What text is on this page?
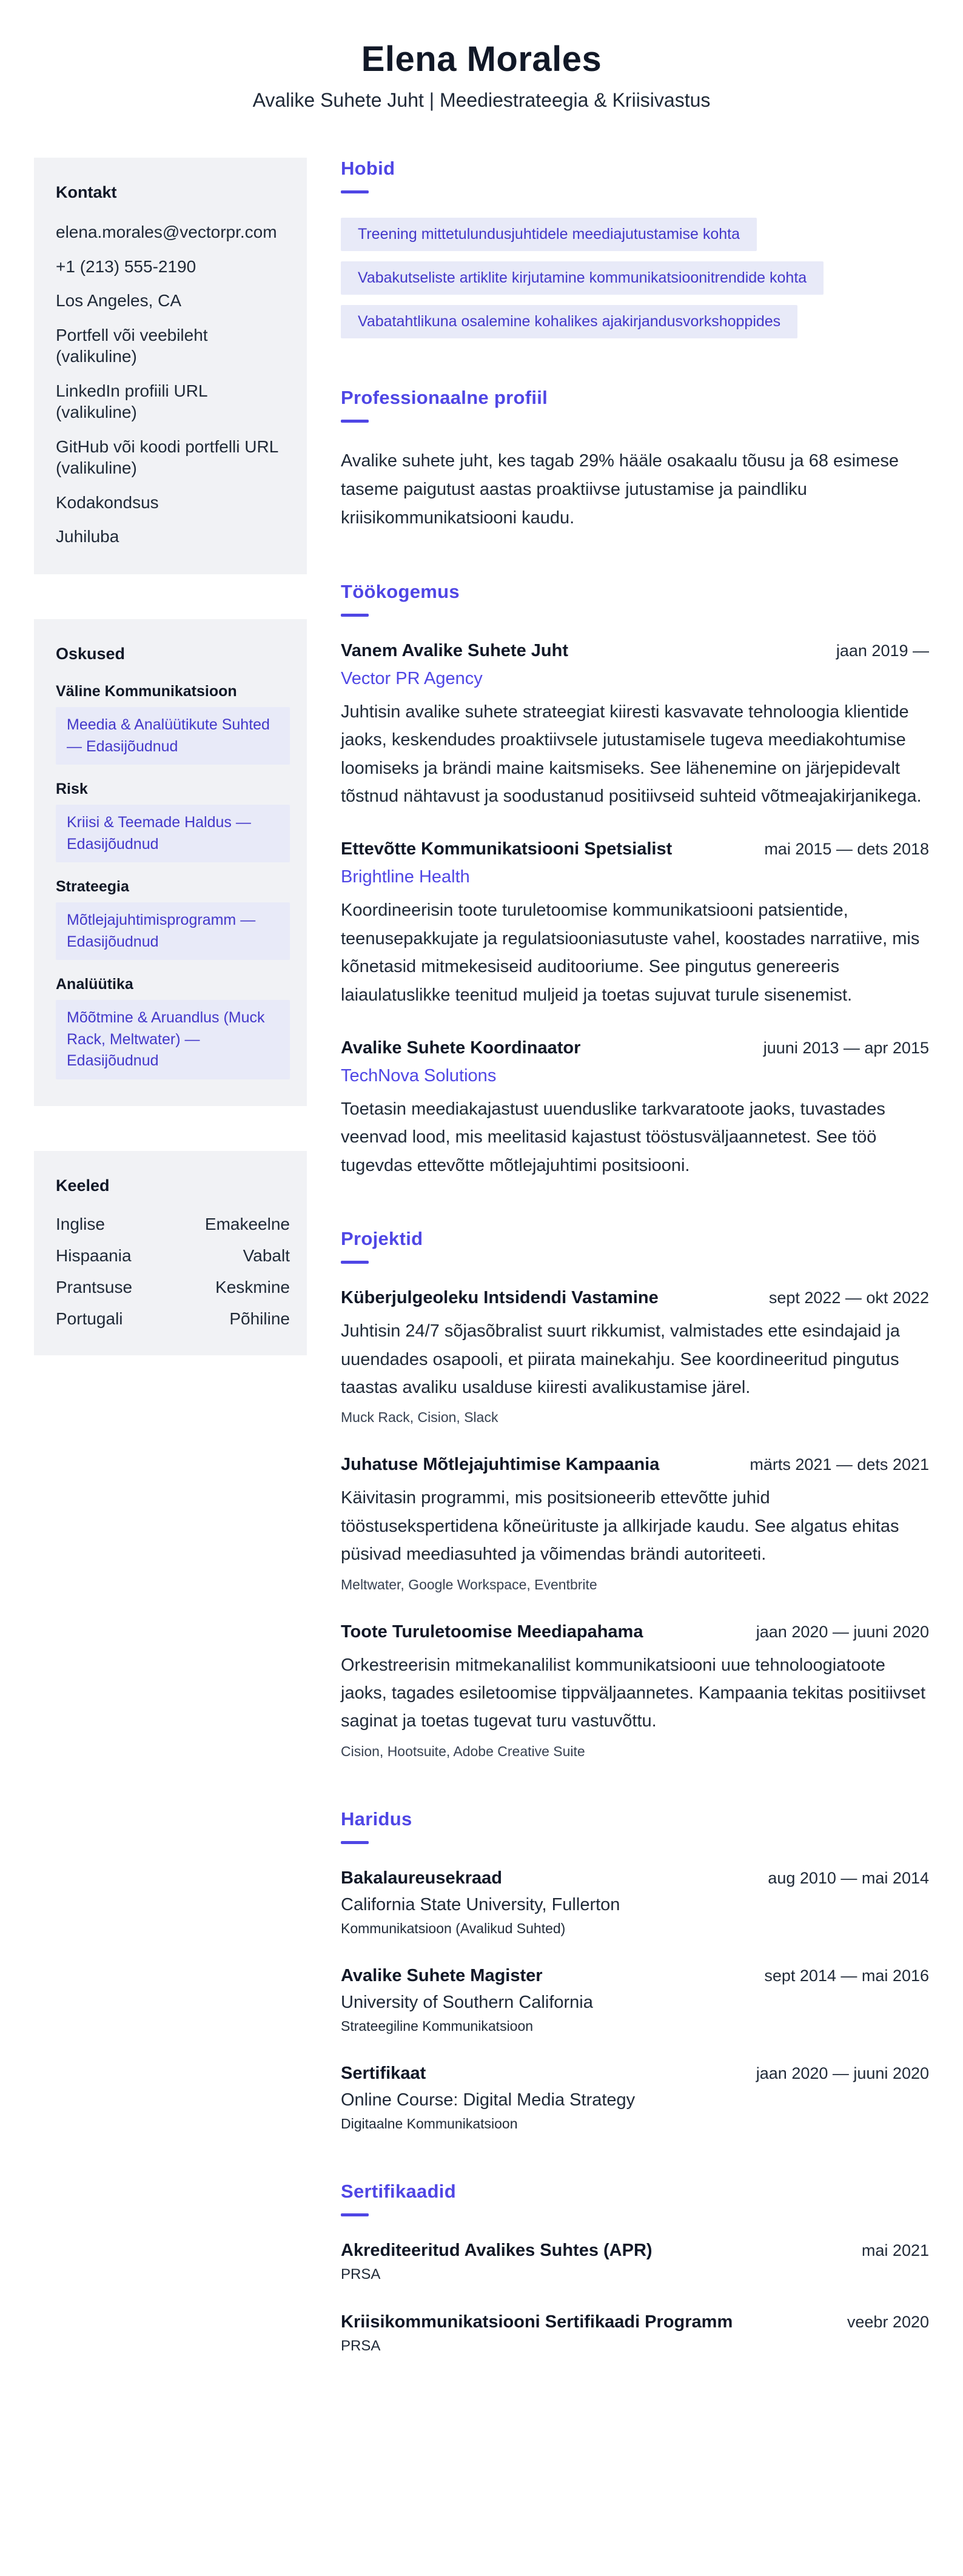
Elena Morales
Avalike Suhete Juht | Meediestrateegia & Kriisivastus
Kontakt
elena.morales@vectorpr.com
+1 (213) 555-2190
Los Angeles, CA
Portfell või veebileht (valikuline)
LinkedIn profiili URL (valikuline)
GitHub või koodi portfelli URL (valikuline)
Kodakondsus
Juhiluba
Oskused
Väline Kommunikatsioon
Meedia & Analüütikute Suhted — Edasijõudnud
Risk
Kriisi & Teemade Haldus — Edasijõudnud
Strateegia
Mõtlejajuhtimisprogramm — Edasijõudnud
Analüütika
Mõõtmine & Aruandlus (Muck Rack, Meltwater) — Edasijõudnud
Keeled
Inglise	Emakeelne
Hispaania	Vabalt
Prantsuse	Keskmine
Portugali	Põhiline
Hobid
Treening mittetulundusjuhtidele meediajutustamise kohta
Vabakutseliste artiklite kirjutamine kommunikatsioonitrendide kohta
Vabatahtlikuna osalemine kohalikes ajakirjandusvorkshoppides
Professionaalne profiil
Avalike suhete juht, kes tagab 29% hääle osakaalu tõusu ja 68 esimese taseme paigutust aastas proaktiivse jutustamise ja paindliku kriisikommunikatsiooni kaudu.
Töökogemus
Vanem Avalike Suhete Juht	jaan 2019 —
Vector PR Agency
Juhtisin avalike suhete strateegiat kiiresti kasvavate tehnoloogia klientide jaoks, keskendudes proaktiivsele jutustamisele tugeva meediakohtumise loomiseks ja brändi maine kaitsmiseks. See lähenemine on järjepidevalt tõstnud nähtavust ja soodustanud positiivseid suhteid võtmeajakirjanikega.
Ettevõtte Kommunikatsiooni Spetsialist	mai 2015 — dets 2018
Brightline Health
Koordineerisin toote turuletoomise kommunikatsiooni patsientide, teenusepakkujate ja regulatsiooniasutuste vahel, koostades narratiive, mis kõnetasid mitmekesiseid auditooriume. See pingutus genereeris laiaulatuslikke teenitud muljeid ja toetas sujuvat turule sisenemist.
Avalike Suhete Koordinaator	juuni 2013 — apr 2015
TechNova Solutions
Toetasin meediakajastust uuenduslike tarkvaratoote jaoks, tuvastades veenvad lood, mis meelitasid kajastust tööstusväljaannetest. See töö tugevdas ettevõtte mõtlejajuhtimi positsiooni.
Projektid
Küberjulgeoleku Intsidendi Vastamine	sept 2022 — okt 2022
Juhtisin 24/7 sõjasõbralist suurt rikkumist, valmistades ette esindajaid ja uuendades osapooli, et piirata mainekahju. See koordineeritud pingutus taastas avaliku usalduse kiiresti avalikustamise järel.
Muck Rack, Cision, Slack
Juhatuse Mõtlejajuhtimise Kampaania	märts 2021 — dets 2021
Käivitasin programmi, mis positsioneerib ettevõtte juhid tööstusekspertidena kõneürituste ja allkirjade kaudu. See algatus ehitas püsivad meediasuhted ja võimendas brändi autoriteeti.
Meltwater, Google Workspace, Eventbrite
Toote Turuletoomise Meediapahama	jaan 2020 — juuni 2020
Orkestreerisin mitmekanalilist kommunikatsiooni uue tehnoloogiatoote jaoks, tagades esiletoomise tippväljaannetes. Kampaania tekitas positiivset saginat ja toetas tugevat turu vastuvõttu.
Cision, Hootsuite, Adobe Creative Suite
Haridus
Bakalaureusekraad	aug 2010 — mai 2014
California State University, Fullerton
Kommunikatsioon (Avalikud Suhted)
Avalike Suhete Magister	sept 2014 — mai 2016
University of Southern California
Strateegiline Kommunikatsioon
Sertifikaat	jaan 2020 — juuni 2020
Online Course: Digital Media Strategy
Digitaalne Kommunikatsioon
Sertifikaadid
Akrediteeritud Avalikes Suhtes (APR)	mai 2021
PRSA
Kriisikommunikatsiooni Sertifikaadi Programm	veebr 2020
PRSA
